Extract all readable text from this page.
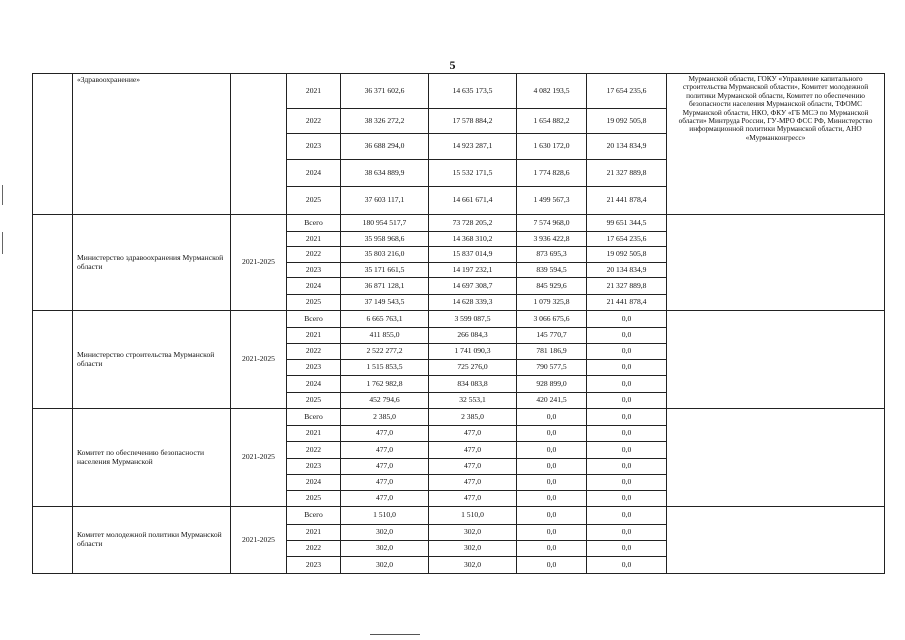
5
	«Здравоохранение»		2021	36 371 602,6	14 635 173,5	4 082 193,5	17 654 235,6	Мурманской области, ГОКУ «Управление капитального строительства Мурманской области», Комитет молодежной политики Мурманской области, Комитет по обеспечению безопасности населения Мурманской области, ТФОМС Мурманской области, НКО, ФКУ «ГБ МСЭ по Мурманской области» Минтруда России, ГУ-МРО ФСС РФ, Министерство информационной политики Мурманской области, АНО «Мурманконгресс»
			2022	38 326 272,2	17 578 884,2	1 654 882,2	19 092 505,8	
			2023	36 688 294,0	14 923 287,1	1 630 172,0	20 134 834,9	
			2024	38 634 889,9	15 532 171,5	1 774 828,6	21 327 889,8	
			2025	37 603 117,1	14 661 671,4	1 499 567,3	21 441 878,4	
	Министерство здравоохранения Мурманской области	2021-2025	Всего	180 954 517,7	73 728 205,2	7 574 968,0	99 651 344,5	
			2021	35 958 968,6	14 368 310,2	3 936 422,8	17 654 235,6	
			2022	35 803 216,0	15 837 014,9	873 695,3	19 092 505,8	
			2023	35 171 661,5	14 197 232,1	839 594,5	20 134 834,9	
			2024	36 871 128,1	14 697 308,7	845 929,6	21 327 889,8	
			2025	37 149 543,5	14 628 339,3	1 079 325,8	21 441 878,4	
	Министерство строительства Мурманской области	2021-2025	Всего	6 665 763,1	3 599 087,5	3 066 675,6	0,0	
			2021	411 855,0	266 084,3	145 770,7	0,0	
			2022	2 522 277,2	1 741 090,3	781 186,9	0,0	
			2023	1 515 853,5	725 276,0	790 577,5	0,0	
			2024	1 762 982,8	834 083,8	928 899,0	0,0	
			2025	452 794,6	32 553,1	420 241,5	0,0	
	Комитет по обеспечению безопасности населения Мурманской	2021-2025	Всего	2 385,0	2 385,0	0,0	0,0	
			2021	477,0	477,0	0,0	0,0	
			2022	477,0	477,0	0,0	0,0	
			2023	477,0	477,0	0,0	0,0	
			2024	477,0	477,0	0,0	0,0	
			2025	477,0	477,0	0,0	0,0	
	Комитет молодежной политики Мурманской области	2021-2025	Всего	1 510,0	1 510,0	0,0	0,0	
			2021	302,0	302,0	0,0	0,0	
			2022	302,0	302,0	0,0	0,0	
			2023	302,0	302,0	0,0	0,0	
